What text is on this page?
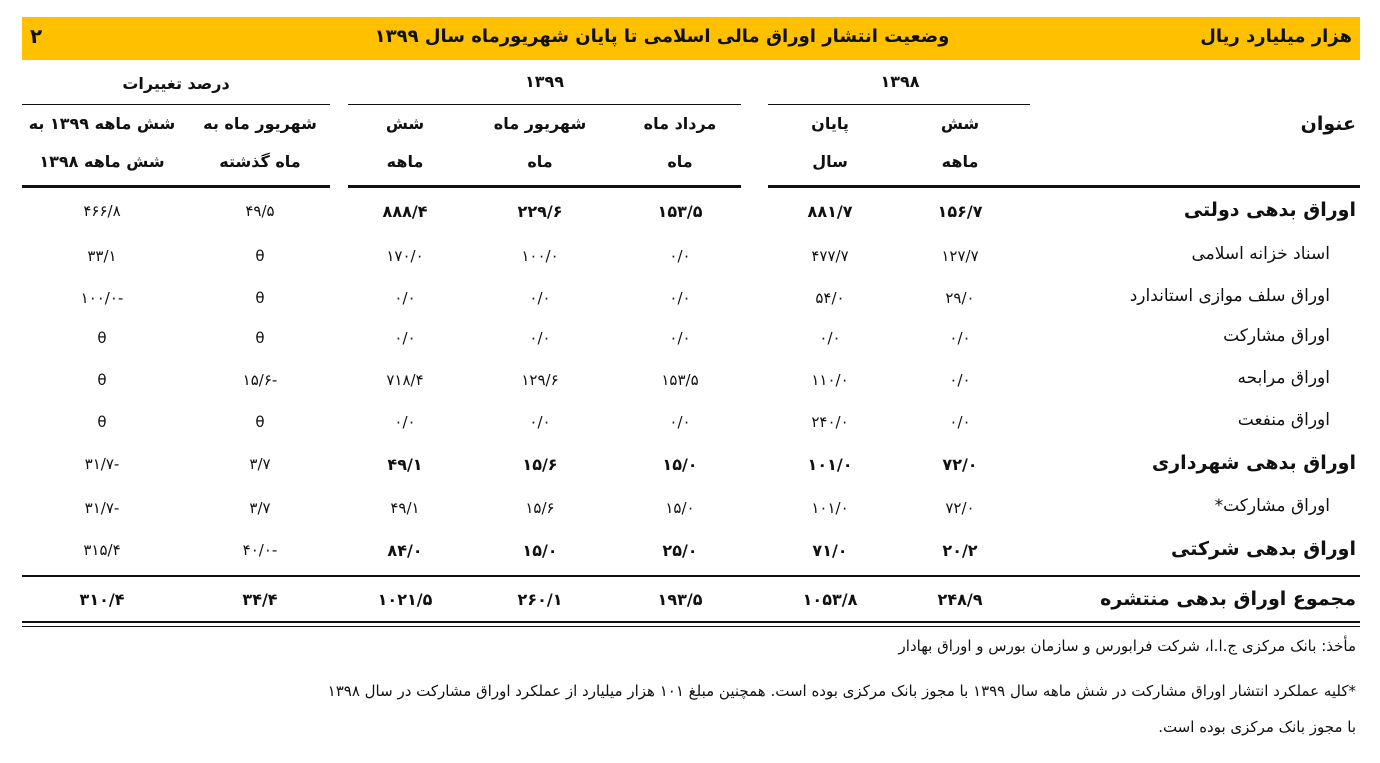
۲	وضعیت انتشار اوراق مالی اسلامی تا پایان شهریورماه سال ۱۳۹۹	هزار میلیارد ریال
۱۳۹۸
۱۳۹۹
درصد تغییرات
عنوان
شش
ماهه
پایان
سال
مرداد ماه
ماه
شهریور ماه
ماه
شش
ماهه
شهریور ماه به
ماه گذشته
شش ماهه ۱۳۹۹ به
شش ماهه ۱۳۹۸
اوراق بدهی دولتی
۱۵۶/۷
۸۸۱/۷
۱۵۳/۵
۲۲۹/۶
۸۸۸/۴
۴۹/۵
۴۶۶/۸
اسناد خزانه اسلامی
۱۲۷/۷
۴۷۷/۷
۰/۰
۱۰۰/۰
۱۷۰/۰
θ
۳۳/۱
اوراق سلف موازی استاندارد
۲۹/۰
۵۴/۰
۰/۰
۰/۰
۰/۰
θ
-۱۰۰/۰
اوراق مشارکت
۰/۰
۰/۰
۰/۰
۰/۰
۰/۰
θ
θ
اوراق مرابحه
۰/۰
۱۱۰/۰
۱۵۳/۵
۱۲۹/۶
۷۱۸/۴
-۱۵/۶
θ
اوراق منفعت
۰/۰
۲۴۰/۰
۰/۰
۰/۰
۰/۰
θ
θ
اوراق بدهی شهرداری
۷۲/۰
۱۰۱/۰
۱۵/۰
۱۵/۶
۴۹/۱
۳/۷
-۳۱/۷
اوراق مشارکت*
۷۲/۰
۱۰۱/۰
۱۵/۰
۱۵/۶
۴۹/۱
۳/۷
-۳۱/۷
اوراق بدهی شرکتی
۲۰/۲
۷۱/۰
۲۵/۰
۱۵/۰
۸۴/۰
-۴۰/۰
۳۱۵/۴
مجموع اوراق بدهی منتشره
۲۴۸/۹
۱۰۵۳/۸
۱۹۳/۵
۲۶۰/۱
۱۰۲۱/۵
۳۴/۴
۳۱۰/۴
مأخذ: بانک مرکزی ج.ا.ا، شرکت فرابورس و سازمان بورس و اوراق بهادار
*کلیه عملکرد انتشار اوراق مشارکت در شش ماهه سال ۱۳۹۹ با مجوز بانک مرکزی بوده است. همچنین مبلغ ۱۰۱ هزار میلیارد از عملکرد اوراق مشارکت در سال ۱۳۹۸
با مجوز بانک مرکزی بوده است.
